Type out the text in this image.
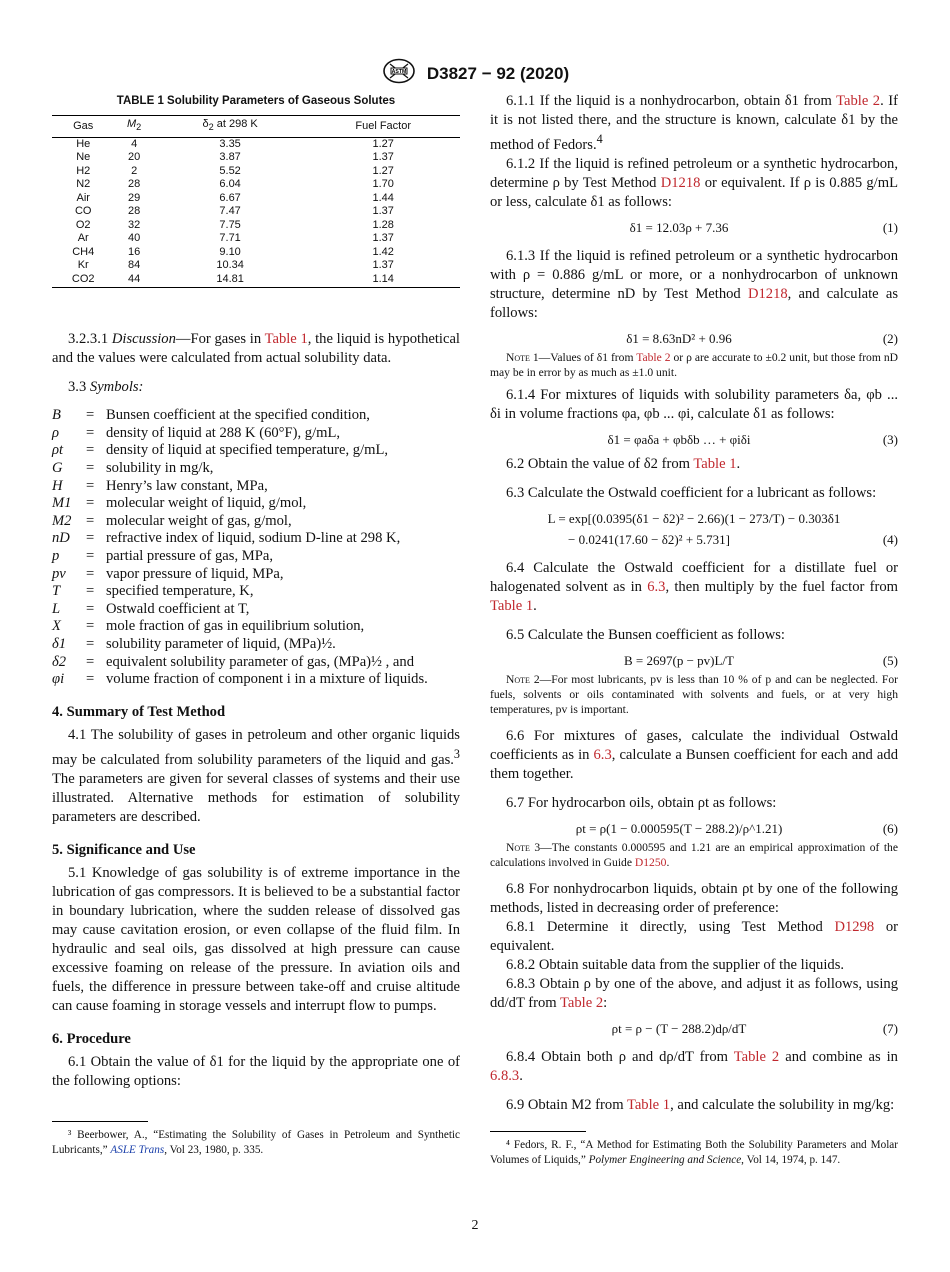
ASTM D3827 − 92 (2020)
TABLE 1 Solubility Parameters of Gaseous Solutes
Gas	$M_2$	$\delta_2$ at 298 K	Fuel Factor
He	4	3.35	1.27
Ne	20	3.87	1.37
H2	2	5.52	1.27
N2	28	6.04	1.70
Air	29	6.67	1.44
CO	28	7.47	1.37
O2	32	7.75	1.28
Ar	40	7.71	1.37
CH4	16	9.10	1.42
Kr	84	10.34	1.37
CO2	44	14.81	1.14

3.2.3.1 Discussion—For gases in Table 1, the liquid is hypothetical and the values were calculated from actual solubility data.

3.3 Symbols:

B	= Bunsen coefficient at the specified condition,
ρ	= density of liquid at 288 K (60°F), g/mL,
ρt	= density of liquid at specified temperature, g/mL,
G	= solubility in mg/k,
H	= Henry’s law constant, MPa,
M1 = molecular weight of liquid, g/mol,
M2 = molecular weight of gas, g/mol,
nD	= refractive index of liquid, sodium D-line at 298 K,
p	= partial pressure of gas, MPa,
pv	= vapor pressure of liquid, MPa,
T	= specified temperature, K,
L	= Ostwald coefficient at T,
X	= mole fraction of gas in equilibrium solution,
δ1	= solubility parameter of liquid, (MPa)½.
δ2	= equivalent solubility parameter of gas, (MPa)½ , and
φi	= volume fraction of component i in a mixture of liquids.
4. Summary of Test Method

4.1 The solubility of gases in petroleum and other organic liquids may be calculated from solubility parameters of the liquid and gas.$^3$ The parameters are given for several classes of systems and their use illustrated. Alternative methods for estimation of solubility parameters are described.

5. Significance and Use

5.1 Knowledge of gas solubility is of extreme importance in the lubrication of gas compressors. It is believed to be a substantial factor in boundary lubrication, where the sudden release of dissolved gas may cause cavitation erosion, or even collapse of the fluid film. In hydraulic and seal oils, gas dissolved at high pressure can cause excessive foaming on release of the pressure. In aviation oils and fuels, the difference in pressure between take-off and cruise altitude can cause foaming in storage vessels and interrupt flow to pumps.

6. Procedure

6.1 Obtain the value of δ1 for the liquid by the appropriate one of the following options:

³ Beerbower, A., “Estimating the Solubility of Gases in Petroleum and Synthetic Lubricants,” ASLE Trans, Vol 23, 1980, p. 335.

6.1.1 If the liquid is a nonhydrocarbon, obtain δ1 from Table 2. If it is not listed there, and the structure is known, calculate δ1 by the method of Fedors.$^4$

6.1.2 If the liquid is refined petroleum or a synthetic hydrocarbon, determine ρ by Test Method D1218 or equivalent. If ρ is 0.885 g/mL or less, calculate δ1 as follows:

δ1 = 12.03ρ + 7.36	(1)

6.1.3 If the liquid is refined petroleum or a synthetic hydrocarbon with ρ = 0.886 g/mL or more, or a nonhydrocarbon of unknown structure, determine nD by Test Method D1218, and calculate as follows:

δ1 = 8.63nD² + 0.96	(2)

Note 1—Values of δ1 from Table 2 or ρ are accurate to ±0.2 unit, but those from nD may be in error by as much as ±1.0 unit.

6.1.4 For mixtures of liquids with solubility parameters δa, φb ... δi in volume fractions φa, φb ... φi, calculate δ1 as follows:

δ1 = φaδa + φbδb … + φiδi	(3)

6.2 Obtain the value of δ2 from Table 1.

6.3 Calculate the Ostwald coefficient for a lubricant as follows:

L = exp[(0.0395(δ1 − δ2)² − 2.66)(1 − 273/T) − 0.303δ1
− 0.0241(17.60 − δ2)² + 5.731]	(4)

6.4 Calculate the Ostwald coefficient for a distillate fuel or halogenated solvent as in 6.3, then multiply by the fuel factor from Table 1.

6.5 Calculate the Bunsen coefficient as follows:

B = 2697(p − pv)L/T	(5)

Note 2—For most lubricants, pv is less than 10 % of p and can be neglected. For fuels, solvents or oils contaminated with solvents and fuels, or at very high temperatures, pv is important.

6.6 For mixtures of gases, calculate the individual Ostwald coefficients as in 6.3, calculate a Bunsen coefficient for each and add them together.

6.7 For hydrocarbon oils, obtain ρt as follows:

ρt = ρ(1 − 0.000595(T − 288.2)/ρ^1.21)	(6)

Note 3—The constants 0.000595 and 1.21 are an empirical approximation of the calculations involved in Guide D1250.

6.8 For nonhydrocarbon liquids, obtain ρt by one of the following methods, listed in decreasing order of preference:

6.8.1 Determine it directly, using Test Method D1298 or equivalent.

6.8.2 Obtain suitable data from the supplier of the liquids.

6.8.3 Obtain ρ by one of the above, and adjust it as follows, using dd/dT from Table 2:

ρt = ρ − (T − 288.2)dρ/dT	(7)

6.8.4 Obtain both ρ and dρ/dT from Table 2 and combine as in 6.8.3.

6.9 Obtain M2 from Table 1, and calculate the solubility in mg/kg:

⁴ Fedors, R. F., “A Method for Estimating Both the Solubility Parameters and Molar Volumes of Liquids,” Polymer Engineering and Science, Vol 14, 1974, p. 147.

2
